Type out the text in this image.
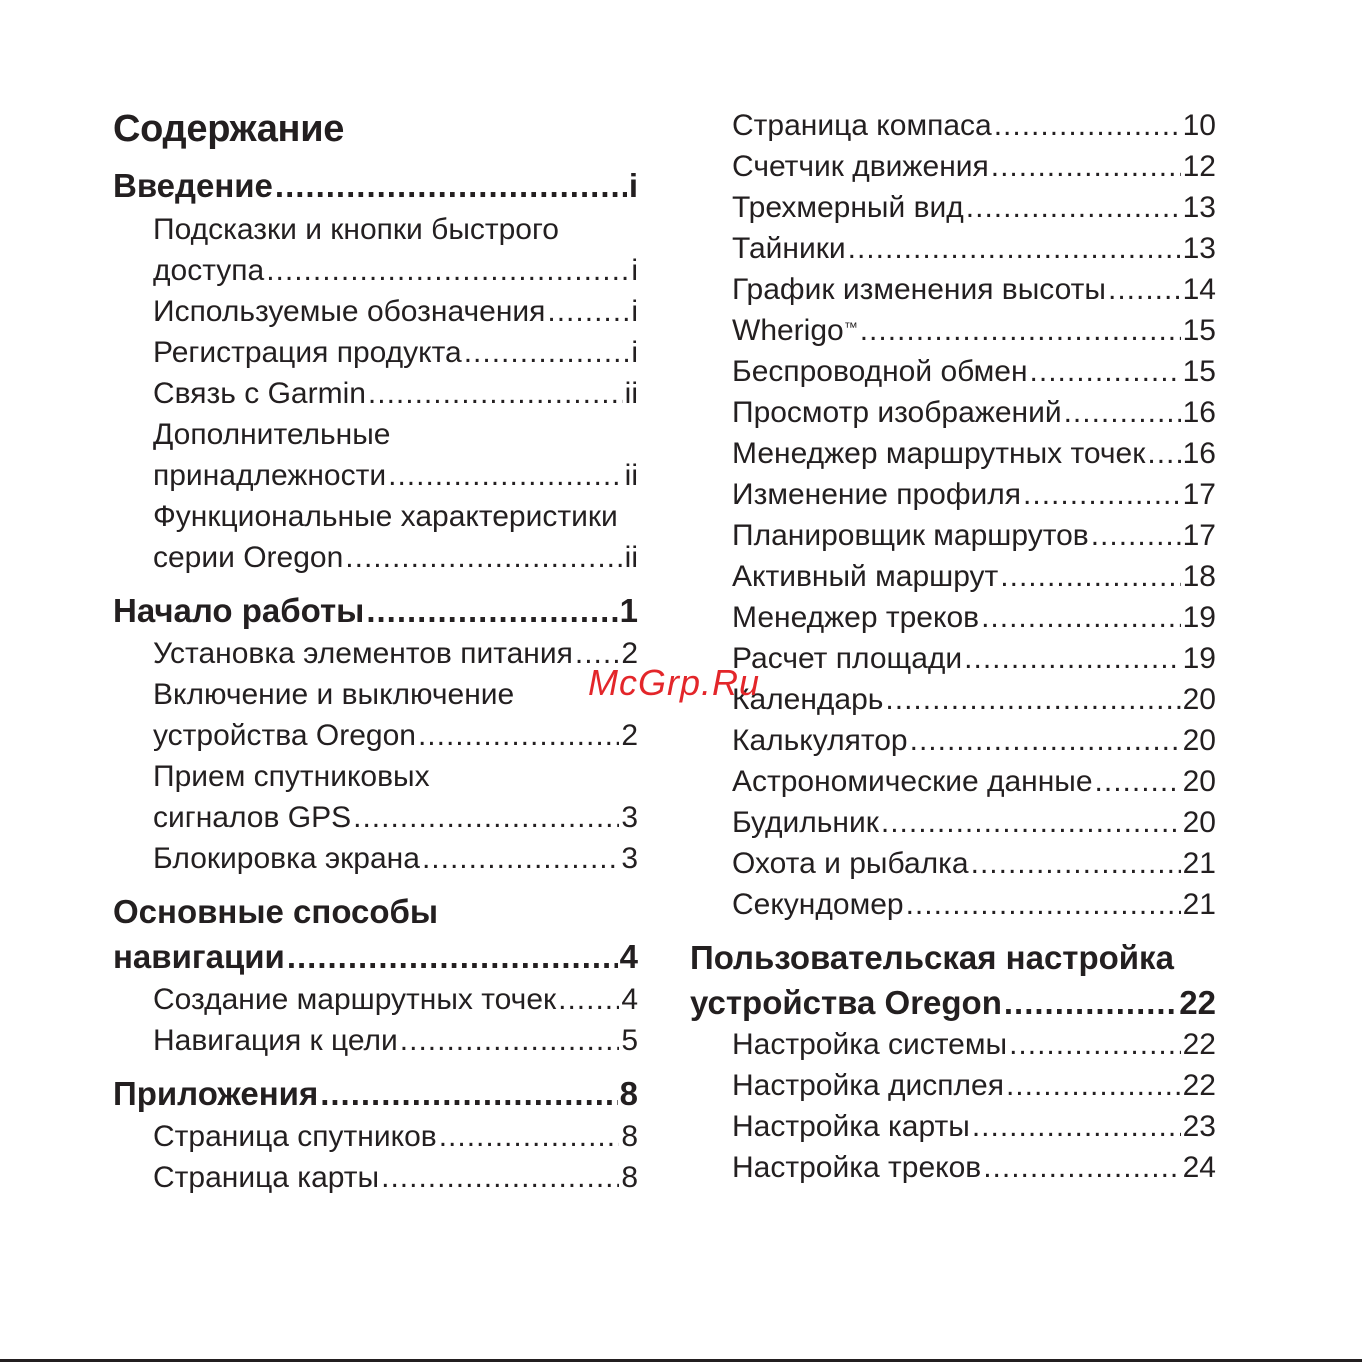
Содержание
Введение .....	i
Подсказки и кнопки быстрого
доступа .....	i
Используемые обозначения .....	i
Регистрация продукта .....	i
Связь с Garmin .....	ii
Дополнительные
принадлежности .....	ii
Функциональные характеристики
серии Oregon .....	ii
Начало работы .....	1
Установка элементов питания ..... 2
Включение и выключение
устройства Oregon .....	2
Прием спутниковых
сигналов GPS .....	3
Блокировка экрана .....	3
Основные способы
навигации .....	4
Создание маршрутных точек ..... 4
Навигация к цели .....	5
Приложения .....	8
Страница спутников .....	8
Страница карты .....	8
Страница компаса .....	10
Счетчик движения .....	12
Трехмерный вид .....	13
Тайники .....	13
График изменения высоты .....	14
Wherigo™ .....	15
Беспроводной обмен .....	15
Просмотр изображений .....	16
Менеджер маршрутных точек ..... 16
Изменение профиля .....	17
Планировщик маршрутов .....	17
Активный маршрут .....	18
Менеджер треков .....	19
Расчет площади .....	19
Календарь .....	20
Калькулятор .....	20
Астрономические данные .....	20
Будильник .....	20
Охота и рыбалка .....	21
Секундомер .....	21
Пользовательская настройка
устройства Oregon .....	22
Настройка системы .....	22
Настройка дисплея .....	22
Настройка карты .....	23
Настройка треков .....	24
McGrp.Ru
